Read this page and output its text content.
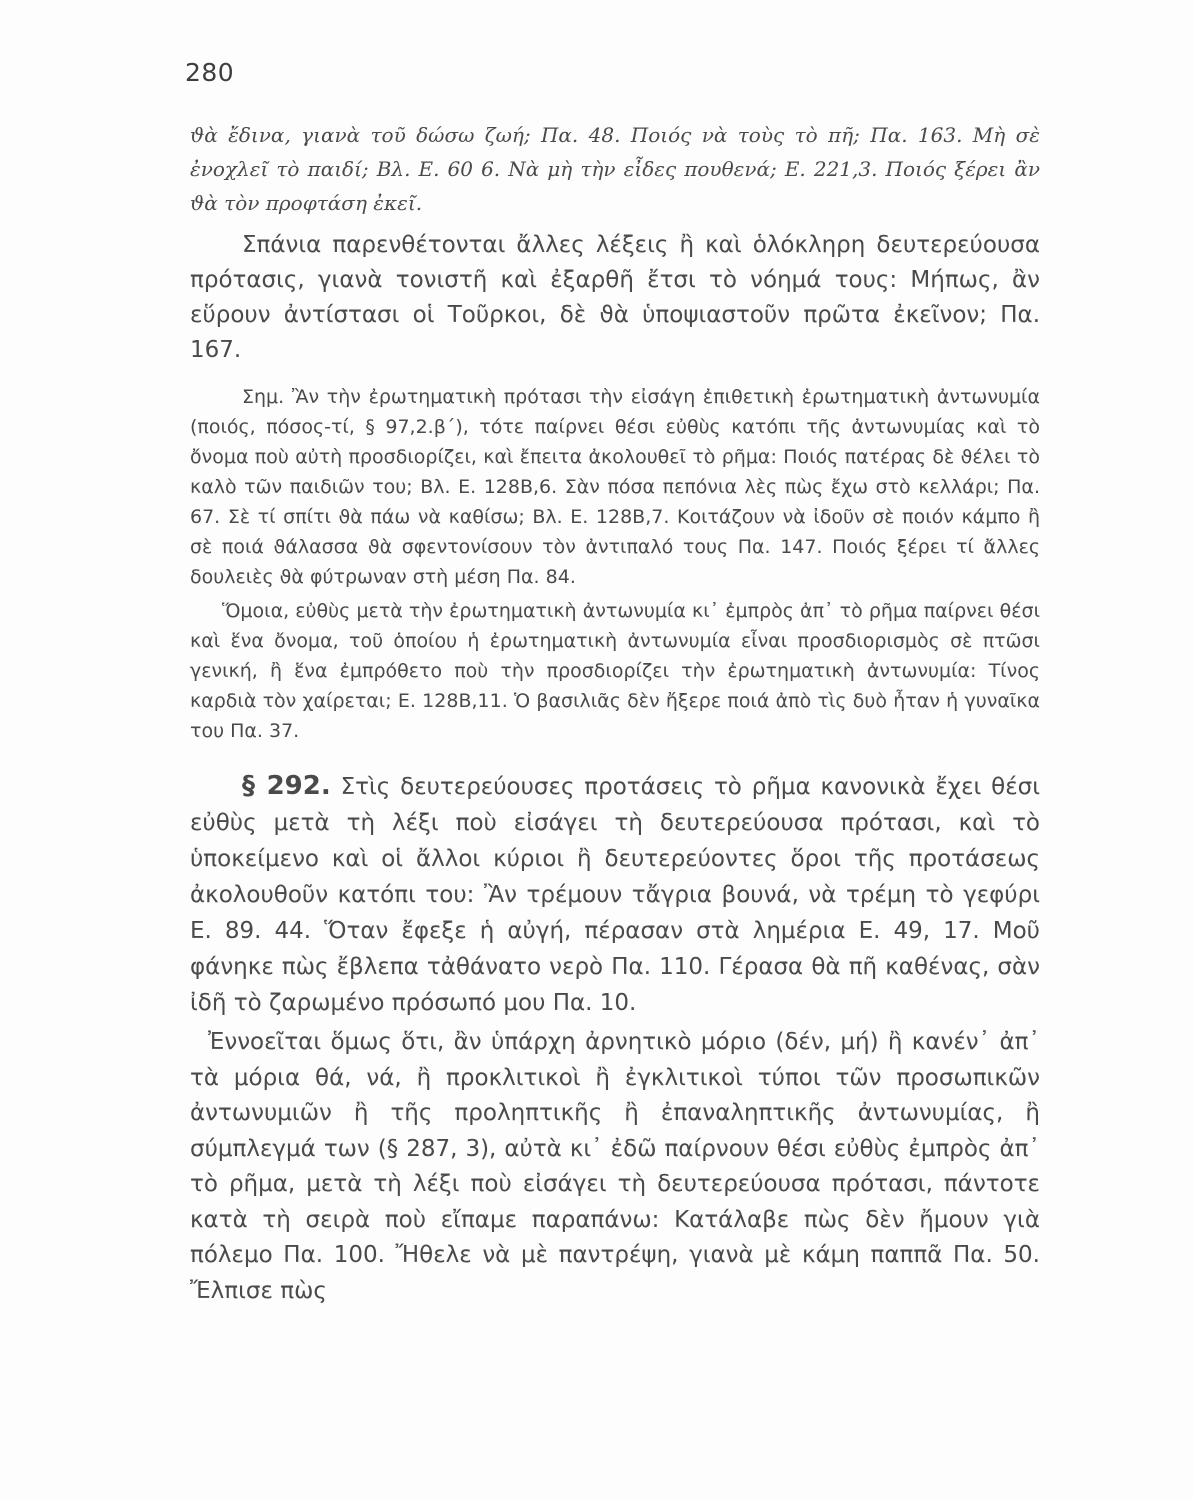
280

ϑὰ ἔδινα, γιανὰ τοῦ δώσω ζωή; Πα. 48. Ποιός νὰ τοὺς τὸ πῆ; Πα. 163. Μὴ σὲ ἐνοχλεῖ τὸ παιδί; Βλ. Ε. 60 6. Νὰ μὴ τὴν εἶδες πουθενά; Ε. 221,3. Ποιός ξέρει ἂν ϑὰ τὸν προφτάση ἐκεῖ.

Σπάνια παρενθέτονται ἄλλες λέξεις ἢ καὶ ὁλόκληρη δευτερεύουσα πρότασις, γιανὰ τονιστῆ καὶ ἐξαρθῆ ἔτσι τὸ νόημά τους: Μήπως, ἂν εὕρουν ἀντίστασι οἱ Τοῦρκοι, δὲ ϑὰ ὑποψιαστοῦν πρῶτα ἐκεῖνον; Πα. 167.

Σημ. Ἂν τὴν ἐρωτηματικὴ πρότασι τὴν εἰσάγη ἐπιθετικὴ ἐρωτηματικὴ ἀντωνυμία (ποιός, πόσος-τί, § 97,2.β´), τότε παίρνει θέσι εὐθὺς κατόπι τῆς ἀντωνυμίας καὶ τὸ ὄνομα ποὺ αὐτὴ προσδιορίζει, καὶ ἔπειτα ἀκολουθεῖ τὸ ρῆμα: Ποιός πατέρας δὲ ϑέλει τὸ καλὸ τῶν παιδιῶν του; Βλ. Ε. 128Β,6. Σὰν πόσα πεπόνια λὲς πὼς ἔχω στὸ κελλάρι; Πα. 67. Σὲ τί σπίτι ϑὰ πάω νὰ καθίσω; Βλ. Ε. 128Β,7. Κοιτάζουν νὰ ἰδοῦν σὲ ποιόν κάμπο ἢ σὲ ποιά ϑάλασσα ϑὰ σφεντονίσουν τὸν ἀντιπαλό τους Πα. 147. Ποιός ξέρει τί ἄλλες δουλειὲς ϑὰ φύτρωναν στὴ μέση Πα. 84.

Ὅμοια, εὐθὺς μετὰ τὴν ἐρωτηματικὴ ἀντωνυμία κι᾽ ἐμπρὸς ἀπ᾽ τὸ ρῆμα παίρνει θέσι καὶ ἕνα ὄνομα, τοῦ ὁποίου ἡ ἐρωτηματικὴ ἀντωνυμία εἶναι προσδιορισμὸς σὲ πτῶσι γενική, ἢ ἕνα ἐμπρόθετο ποὺ τὴν προσδιορίζει τὴν ἐρωτηματικὴ ἀντωνυμία: Τίνος καρδιὰ τὸν χαίρεται; Ε. 128Β,11. Ὁ βασιλιᾶς δὲν ἤξερε ποιά ἀπὸ τὶς δυὸ ἦταν ἡ γυναῖκα του Πα. 37.

§ 292. Στὶς δευτερεύουσες προτάσεις τὸ ρῆμα κανονικὰ ἔχει θέσι εὐθὺς μετὰ τὴ λέξι ποὺ εἰσάγει τὴ δευτερεύουσα πρότασι, καὶ τὸ ὑποκείμενο καὶ οἱ ἄλλοι κύριοι ἢ δευτερεύοντες ὅροι τῆς προτάσεως ἀκολουθοῦν κατόπι του: Ἂν τρέμουν τἄγρια βουνά, νὰ τρέμη τὸ γεφύρι Ε. 89. 44. Ὅταν ἔφεξε ἡ αὐγή, πέρασαν στὰ λημέρια Ε. 49, 17. Μοῦ φάνηκε πὼς ἔβλεπα τἀθάνατο νερὸ Πα. 110. Γέρασα θὰ πῆ καθένας, σὰν ἰδῆ τὸ ζαρωμένο πρόσωπό μου Πα. 10.

Ἐννοεῖται ὅμως ὅτι, ἂν ὑπάρχη ἀρνητικὸ μόριο (δέν, μή) ἢ κανέν᾽ ἀπ᾽ τὰ μόρια θά, νά, ἢ προκλιτικοὶ ἢ ἐγκλιτικοὶ τύποι τῶν προσωπικῶν ἀντωνυμιῶν ἢ τῆς προληπτικῆς ἢ ἐπαναληπτικῆς ἀντωνυμίας, ἢ σύμπλεγμά των (§ 287, 3), αὐτὰ κι᾽ ἐδῶ παίρνουν θέσι εὐθὺς ἐμπρὸς ἀπ᾽ τὸ ρῆμα, μετὰ τὴ λέξι ποὺ εἰσάγει τὴ δευτερεύουσα πρότασι, πάντοτε κατὰ τὴ σειρὰ ποὺ εἴπαμε παραπάνω: Κατάλαβε πὼς δὲν ἤμουν γιὰ πόλεμο Πα. 100. Ἤθελε νὰ μὲ παντρέψη, γιανὰ μὲ κάμη παππᾶ Πα. 50. Ἔλπισε πὼς
